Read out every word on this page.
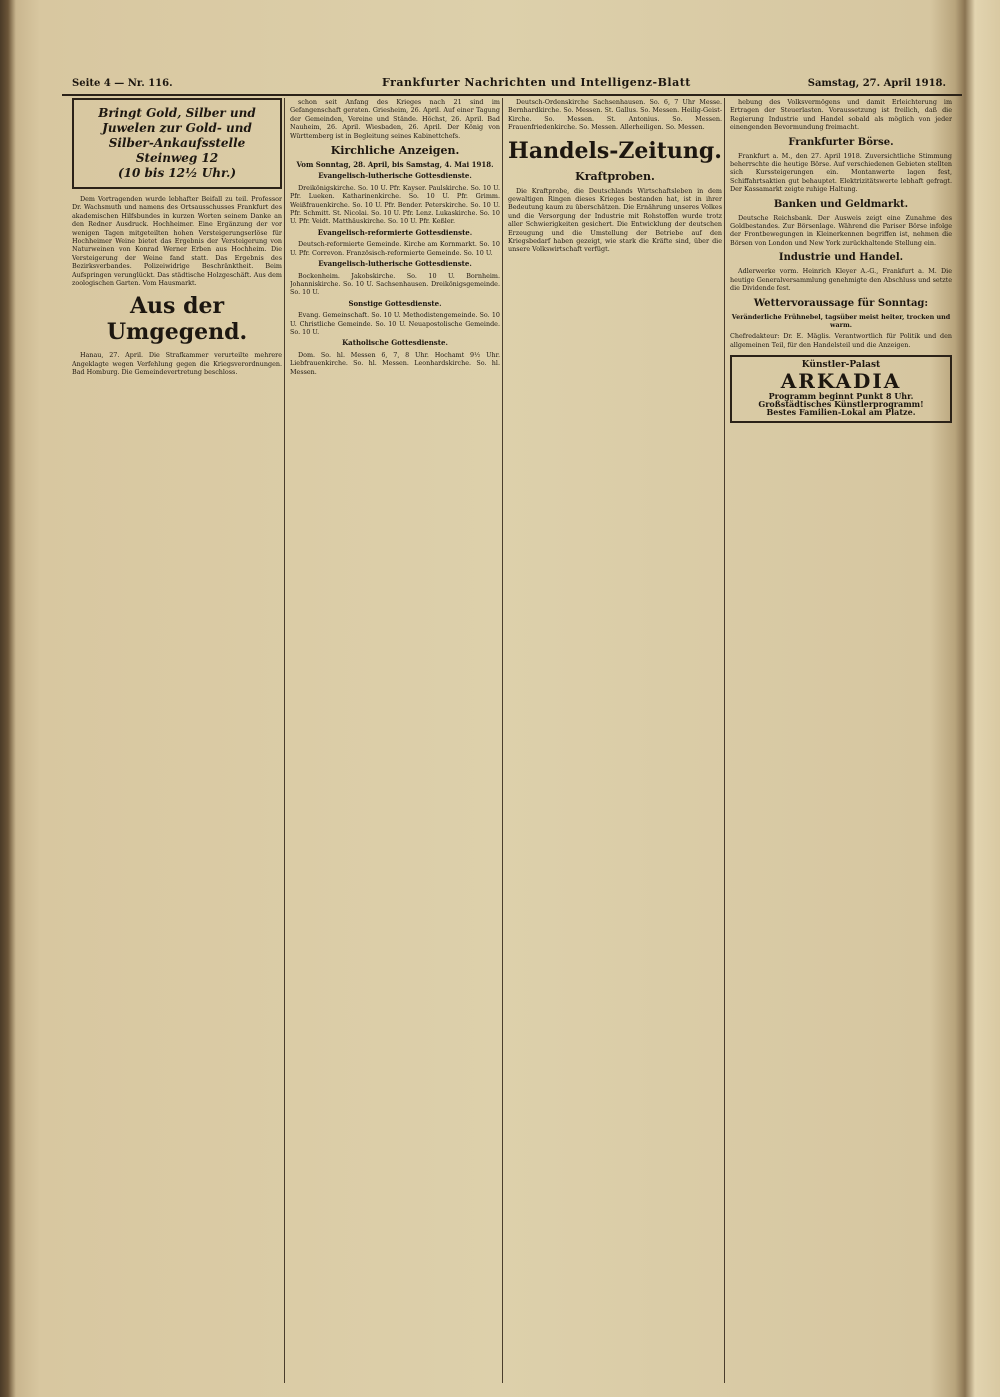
Seite 4 — Nr. 116.	Frankfurter Nachrichten und Intelligenz-Blatt	Samstag, 27. April 1918.
Bringt Gold, Silber und
Juwelen zur Gold- und
Silber-Ankaufsstelle Steinweg 12
(10 bis 12½ Uhr.)

Dem Vortragenden wurde lebhafter Beifall zu teil. Professor Dr. Wachsmuth und namens des Ortsausschusses Frankfurt des akademischen Hilfsbundes in kurzen Worten seinem Danke an den Redner Ausdruck. Hochheimer. Eine Ergänzung der vor wenigen Tagen mitgeteilten hohen Versteigerungserlöse für Hochheimer Weine bietet das Ergebnis der Versteigerung von Naturweinen von Konrad Werner Erben aus Hochheim. Die Versteigerung der Weine fand statt. Das Ergebnis des Bezirksverbandes. Polizeiwidrige Beschränktheit. Beim Aufspringen verunglückt. Das städtische Holzgeschäft. Aus dem zoologischen Garten. Vom Hausmarkt.

Aus der Umgegend.

Hanau, 27. April. Die Strafkammer verurteilte mehrere Angeklagte wegen Verfehlung gegen die Kriegsverordnungen. Bad Homburg. Die Gemeindevertretung beschloss.

schon seit Anfang des Krieges nach 21 sind im Gefangenschaft geraten. Griesheim, 26. April. Auf einer Tagung der Gemeinden, Vereine und Stände. Höchst, 26. April. Bad Nauheim, 26. April. Wiesbaden, 26. April. Der König von Württemberg ist in Begleitung seines Kabinettchefs.

Kirchliche Anzeigen.
Vom Sonntag, 28. April, bis Samstag, 4. Mai 1918.
Evangelisch-lutherische Gottesdienste.

Dreikönigskirche. So. 10 U. Pfr. Kayser. Paulskirche. So. 10 U. Pfr. Lueken. Katharinenkirche. So. 10 U. Pfr. Grimm. Weißfrauenkirche. So. 10 U. Pfr. Bender. Peterskirche. So. 10 U. Pfr. Schmitt. St. Nicolai. So. 10 U. Pfr. Lenz. Lukaskirche. So. 10 U. Pfr. Veidt. Matthäuskirche. So. 10 U. Pfr. Keßler.

Evangelisch-reformierte Gottesdienste.

Deutsch-reformierte Gemeinde. Kirche am Kornmarkt. So. 10 U. Pfr. Correvon. Französisch-reformierte Gemeinde. So. 10 U.

Evangelisch-lutherische Gottesdienste.

Bockenheim. Jakobskirche. So. 10 U. Bornheim. Johanniskirche. So. 10 U. Sachsenhausen. Dreikönigsgemeinde. So. 10 U.

Sonstige Gottesdienste.

Evang. Gemeinschaft. So. 10 U. Methodistengemeinde. So. 10 U. Christliche Gemeinde. So. 10 U. Neuapostolische Gemeinde. So. 10 U.

Katholische Gottesdienste.

Dom. So. hl. Messen 6, 7, 8 Uhr. Hochamt 9½ Uhr. Liebfrauenkirche. So. hl. Messen. Leonhardskirche. So. hl. Messen.

Deutsch-Ordenskirche Sachsenhausen. So. 6, 7 Uhr Messe. Bernhardkirche. So. Messen. St. Gallus. So. Messen. Heilig-Geist-Kirche. So. Messen. St. Antonius. So. Messen. Frauenfriedenkirche. So. Messen. Allerheiligen. So. Messen.

Handels-Zeitung.
Kraftproben.

Die Kraftprobe, die Deutschlands Wirtschaftsleben in dem gewaltigen Ringen dieses Krieges bestanden hat, ist in ihrer Bedeutung kaum zu überschätzen. Die Ernährung unseres Volkes und die Versorgung der Industrie mit Rohstoffen wurde trotz aller Schwierigkeiten gesichert. Die Entwicklung der deutschen Erzeugung und die Umstellung der Betriebe auf den Kriegsbedarf haben gezeigt, wie stark die Kräfte sind, über die unsere Volkswirtschaft verfügt.

hebung des Volksvermögens und damit Erleichterung im Ertragen der Steuerlasten. Voraussetzung ist freilich, daß die Regierung Industrie und Handel sobald als möglich von jeder einengenden Bevormundung freimacht.

Frankfurter Börse.

Frankfurt a. M., den 27. April 1918. Zuversichtliche Stimmung beherrschte die heutige Börse. Auf verschiedenen Gebieten stellten sich Kurssteigerungen ein. Montanwerte lagen fest, Schiffahrtsaktien gut behauptet. Elektrizitätswerte lebhaft gefragt. Der Kassamarkt zeigte ruhige Haltung.

Banken und Geldmarkt.

Deutsche Reichsbank. Der Ausweis zeigt eine Zunahme des Goldbestandes. Zur Börsenlage. Während die Pariser Börse infolge der Frontbewegungen in Kleinerkennen begriffen ist, nehmen die Börsen von London und New York zurückhaltende Stellung ein.

Industrie und Handel.

Adlerwerke vorm. Heinrich Kleyer A.-G., Frankfurt a. M. Die heutige Generalversammlung genehmigte den Abschluss und setzte die Dividende fest.

Wettervoraussage für Sonntag:

Veränderliche Frühnebel, tagsüber meist heiter, trocken und warm.

Chefredakteur: Dr. E. Mäglis. Verantwortlich für Politik und den allgemeinen Teil, für den Handelsteil und die Anzeigen.

Künstler-Palast
ARKADIA
Programm beginnt Punkt 8 Uhr.
Großstädtisches Künstlerprogramm!
Bestes Familien-Lokal am Platze.
